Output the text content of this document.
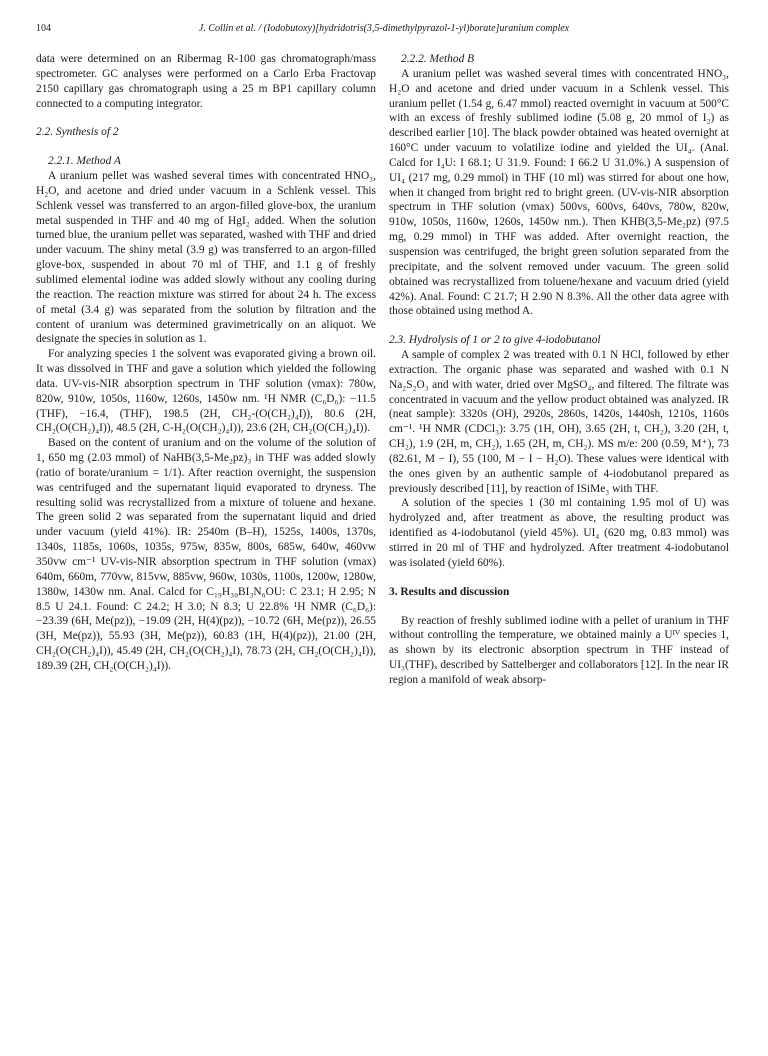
104	J. Collin et al. / (Iodobutoxy)[hydridotris(3,5-dimethylpyrazol-1-yl)borate]uranium complex

data were determined on an Ribermag R-100 gas chromatograph/mass spectrometer. GC analyses were performed on a Carlo Erba Fractovap 2150 capillary gas chromatograph using a 25 m BP1 capillary column connected to a computing integrator.

2.2. Synthesis of 2
2.2.1. Method A

A uranium pellet was washed several times with concentrated HNO₃, H₂O, and acetone and dried under vacuum in a Schlenk vessel. This Schlenk vessel was transferred to an argon-filled glove-box, the uranium metal suspended in THF and 40 mg of HgI₂ added. When the solution turned blue, the uranium pellet was separated, washed with THF and dried under vacuum. The shiny metal (3.9 g) was transferred to an argon-filled glove-box, suspended in about 70 ml of THF, and 1.1 g of freshly sublimed elemental iodine was added slowly without any cooling during the reaction. The reaction mixture was stirred for about 24 h. The excess of metal (3.4 g) was separated from the solution by filtration and the content of uranium was determined gravimetrically on an aliquot. We designate the species in solution as 1.

For analyzing species 1 the solvent was evaporated giving a brown oil. It was dissolved in THF and gave a solution which yielded the following data. UV-vis-NIR absorption spectrum in THF solution (νmax): 780w, 820w, 910w, 1050s, 1160w, 1260s, 1450w nm. ¹H NMR (C₆D₆): −11.5 (THF), −16.4, (THF), 198.5 (2H, CH₂-(O(CH₂)₄I)), 80.6 (2H, CH₂(O(CH₂)₄I)), 48.5 (2H, C-H₂(O(CH₂)₄I)), 23.6 (2H, CH₂(O(CH₂)₄I)).

Based on the content of uranium and on the volume of the solution of 1, 650 mg (2.03 mmol) of NaHB(3,5-Me₂pz)₃ in THF was added slowly (ratio of borate/uranium = 1/1). After reaction overnight, the suspension was centrifuged and the supernatant liquid evaporated to dryness. The resulting solid was recrystallized from a mixture of toluene and hexane. The green solid 2 was separated from the supernatant liquid and dried under vacuum (yield 41%). IR: 2540m (B–H), 1525s, 1400s, 1370s, 1340s, 1185s, 1060s, 1035s, 975w, 835w, 800s, 685w, 640w, 460vw 350vw cm⁻¹ UV-vis-NIR absorption spectrum in THF solution (νmax) 640m, 660m, 770vw, 815vw, 885vw, 960w, 1030s, 1100s, 1200w, 1280w, 1380w, 1430w nm. Anal. Calcd for C₁₉H₃₀BI₃N₆OU: C 23.1; H 2.95; N 8.5 U 24.1. Found: C 24.2; H 3.0; N 8.3; U 22.8% ¹H NMR (C₆D₆): −23.39 (6H, Me(pz)), −19.09 (2H, H(4)(pz)), −10.72 (6H, Me(pz)), 26.55 (3H, Me(pz)), 55.93 (3H, Me(pz)), 60.83 (1H, H(4)(pz)), 21.00 (2H, CH₂(O(CH₂)₄I)), 45.49 (2H, CH₂(O(CH₂)₄I), 78.73 (2H, CH₂(O(CH₂)₄I)), 189.39 (2H, CH₂(O(CH₂)₄I)).

2.2.2. Method B

A uranium pellet was washed several times with concentrated HNO₃, H₂O and acetone and dried under vacuum in a Schlenk vessel. This uranium pellet (1.54 g, 6.47 mmol) reacted overnight in vacuum at 500°C with an excess of freshly sublimed iodine (5.08 g, 20 mmol of I₂) as described earlier [10]. The black powder obtained was heated overnight at 160°C under vacuum to volatilize iodine and yielded the UI₄. (Anal. Calcd for I₄U: I 68.1; U 31.9. Found: I 66.2 U 31.0%.) A suspension of UI₄ (217 mg, 0.29 mmol) in THF (10 ml) was stirred for about one how, when it changed from bright red to bright green. (UV-vis-NIR absorption spectrum in THF solution (νmax) 500vs, 600vs, 640vs, 780w, 820w, 910w, 1050s, 1160w, 1260s, 1450w nm.). Then KHB(3,5-Me₂pz) (97.5 mg, 0.29 mmol) in THF was added. After overnight reaction, the suspension was centrifuged, the bright green solution separated from the precipitate, and the solvent removed under vacuum. The green solid obtained was recrystallized from toluene/hexane and vacuum dried (yield 42%). Anal. Found: C 21.7; H 2.90 N 8.3%. All the other data agree with those obtained using method A.

2.3. Hydrolysis of 1 or 2 to give 4-iodobutanol

A sample of complex 2 was treated with 0.1 N HCl, followed by ether extraction. The organic phase was separated and washed with 0.1 N Na₂S₂O₃ and with water, dried over MgSO₄, and filtered. The filtrate was concentrated in vacuum and the yellow product obtained was analyzed. IR (neat sample): 3320s (OH), 2920s, 2860s, 1420s, 1440sh, 1210s, 1160s cm⁻¹. ¹H NMR (CDCl₃): 3.75 (1H, OH), 3.65 (2H, t, CH₂), 3.20 (2H, t, CH₂), 1.9 (2H, m, CH₂), 1.65 (2H, m, CH₂). MS m/e: 200 (0.59, M⁺), 73 (82.61, M − I), 55 (100, M − I − H₂O). These values were identical with the ones given by an authentic sample of 4-iodobutanol prepared as previously described [11], by reaction of ISiMe₃ with THF.

A solution of the species 1 (30 ml containing 1.95 mol of U) was hydrolyzed and, after treatment as above, the resulting product was identified as 4-iodobutanol (yield 45%). UI₄ (620 mg, 0.83 mmol) was stirred in 20 ml of THF and hydrolyzed. After treatment 4-iodobutanol was isolated (yield 60%).

3. Results and discussion

By reaction of freshly sublimed iodine with a pellet of uranium in THF without controlling the temperature, we obtained mainly a Uᴵⱽ species 1, as shown by its electronic absorption spectrum in THF instead of UI₃(THF)ₓ described by Sattelberger and collaborators [12]. In the near IR region a manifold of weak absorp-
